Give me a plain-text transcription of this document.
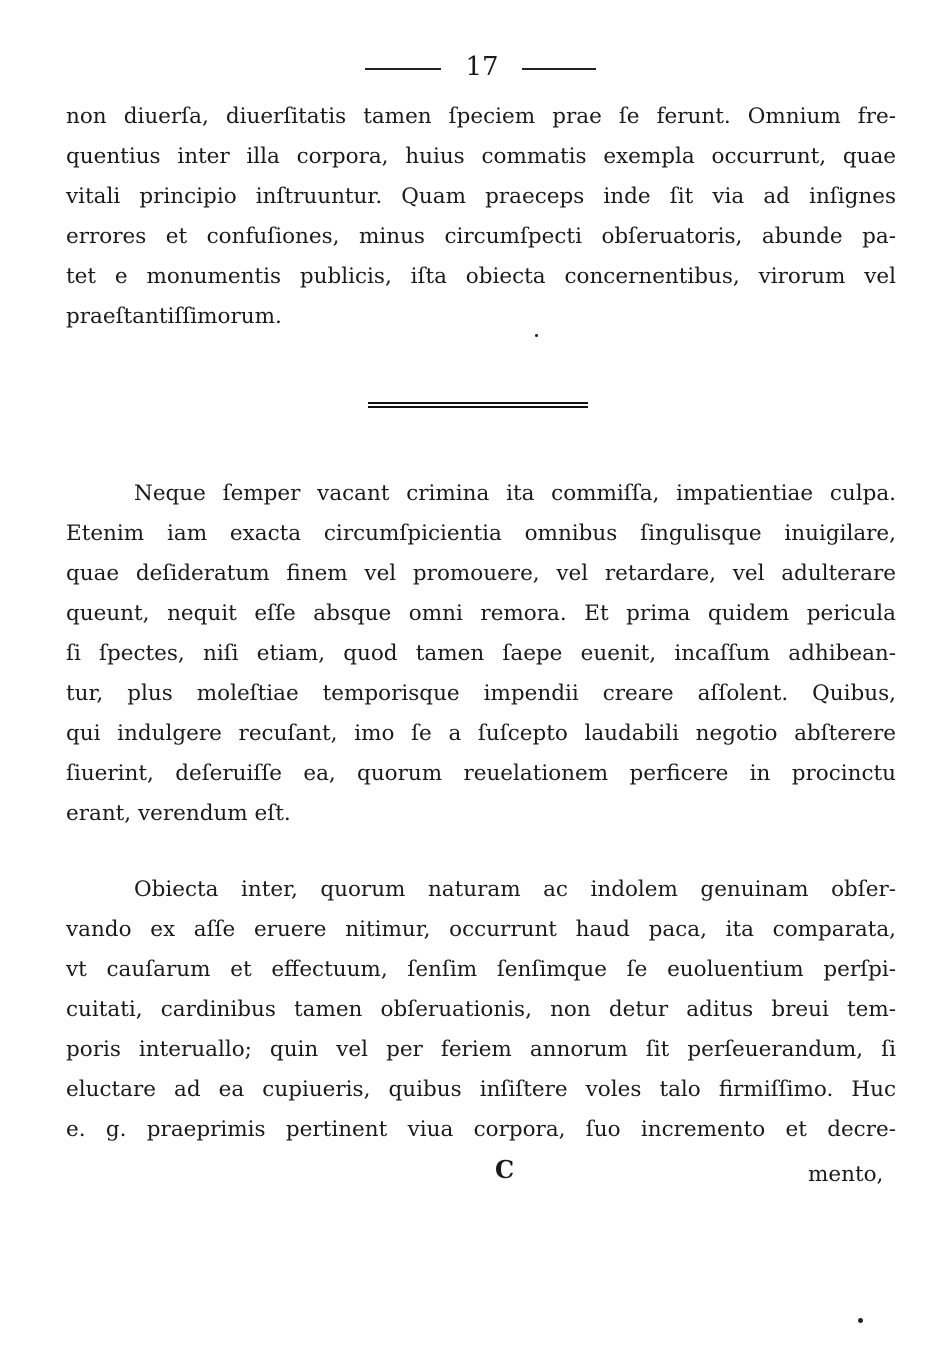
17
non diuerſa, diuerſitatis tamen ſpeciem prae ſe ferunt. Omnium fre-
quentius inter illa corpora, huius commatis exempla occurrunt, quae
vitali principio inſtruuntur. Quam praeceps inde ſit via ad inſignes
errores et confuſiones, minus circumſpecti obſeruatoris, abunde pa-
tet e monumentis publicis, iſta obiecta concernentibus, virorum vel
praeſtantiſſimorum.
Neque ſemper vacant crimina ita commiſſa, impatientiae culpa.
Etenim iam exacta circumſpicientia omnibus ſingulisque inuigilare,
quae deſideratum finem vel promouere, vel retardare, vel adulterare
queunt, nequit eſſe absque omni remora. Et prima quidem pericula
ſi ſpectes, niſi etiam, quod tamen ſaepe euenit, incaſſum adhibean-
tur, plus moleſtiae temporisque impendii creare aſſolent. Quibus,
qui indulgere recuſant, imo ſe a ſuſcepto laudabili negotio abſterere
ſiuerint, deſeruiſſe ea, quorum reuelationem perficere in procinctu
erant, verendum eſt.
Obiecta inter, quorum naturam ac indolem genuinam obſer-
vando ex aſſe eruere nitimur, occurrunt haud paca, ita comparata,
vt cauſarum et effectuum, ſenſim ſenſimque ſe euoluentium perſpi-
cuitati, cardinibus tamen obſeruationis, non detur aditus breui tem-
poris interuallo; quin vel per feriem annorum ſit perſeuerandum, ſi
eluctare ad ea cupiueris, quibus inſiſtere voles talo firmiſſimo. Huc
e. g. praeprimis pertinent viua corpora, ſuo incremento et decre-
C	mento,
